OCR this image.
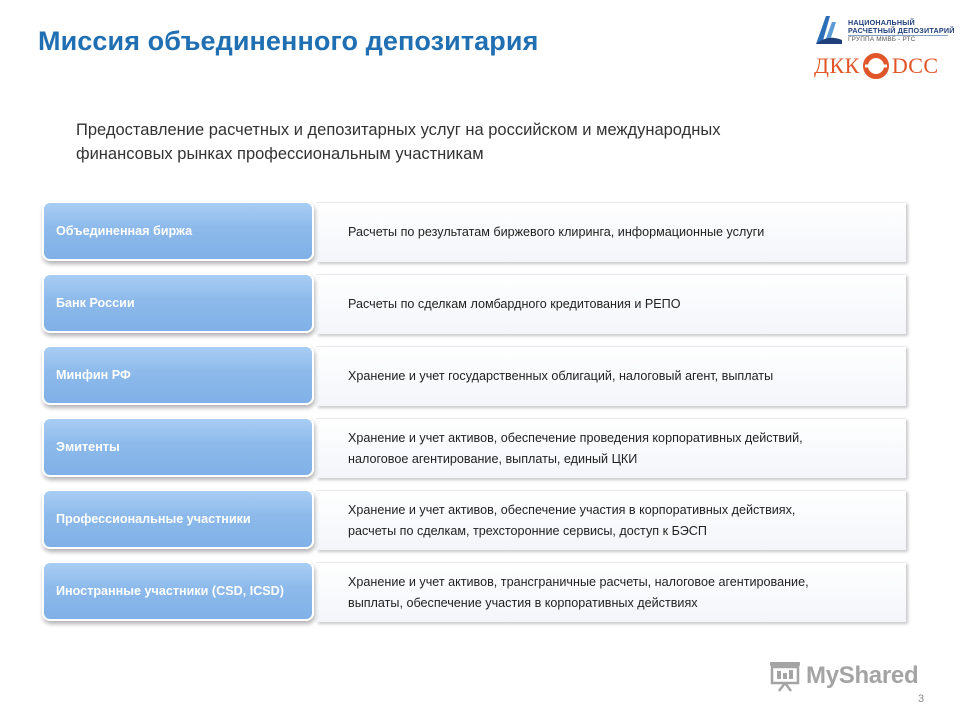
Миссия объединенного депозитария
НАЦИОНАЛЬНЫЙ
РАСЧЕТНЫЙ ДЕПОЗИТАРИЙ
ГРУППА ММВБ - РТС
ДКК DCC
Предоставление расчетных и депозитарных услуг на российском и международных
финансовых рынках профессиональным участникам
Расчеты по результатам биржевого клиринга, информационные услуги
Объединенная биржа
Расчеты по сделкам ломбардного кредитования и РЕПО
Банк России
Хранение и учет государственных облигаций, налоговый агент, выплаты
Минфин РФ
Хранение и учет активов, обеспечение проведения корпоративных действий,
налоговое агентирование, выплаты, единый ЦКИ
Эмитенты
Хранение и учет активов, обеспечение участия в корпоративных действиях,
расчеты по сделкам, трехсторонние сервисы, доступ к БЭСП
Профессиональные участники
Хранение и учет активов, трансграничные расчеты, налоговое агентирование,
выплаты, обеспечение участия в корпоративных действиях
Иностранные участники (CSD, ICSD)
MyShared
3
